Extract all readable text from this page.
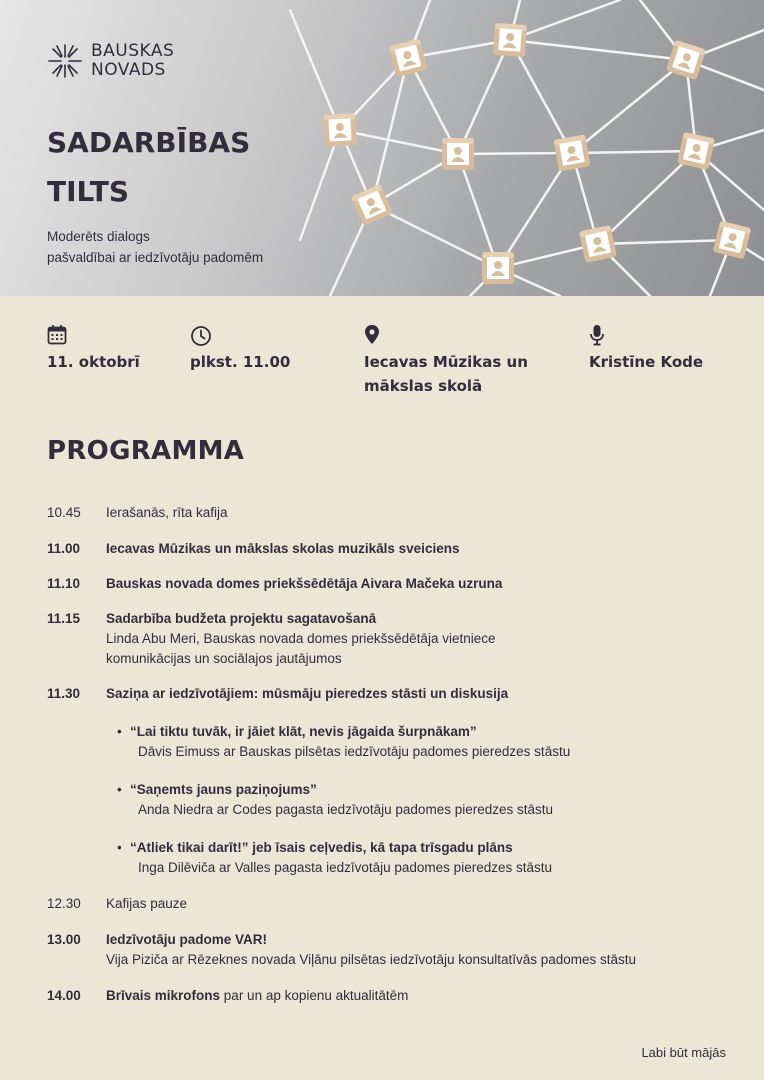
BAUSKAS
NOVADS
SADARBĪBAS
TILTS
Moderēts dialogs
pašvaldībai ar iedzīvotāju padomēm
11. oktobrī	plkst. 11.00	Iecavas Mūzikas un
mākslas skolā
Kristīne Kode
PROGRAMMA
10.45 Ierašanās, rīta kafija
11.00 Iecavas Mūzikas un mākslas skolas muzikāls sveiciens
11.10 Bauskas novada domes priekšsēdētāja Aivara Mačeka uzruna
11.15 Sadarbība budžeta projektu sagatavošanā
Linda Abu Meri, Bauskas novada domes priekšsēdētāja vietniece
komunikācijas un sociālajos jautājumos
11.30 Saziņa ar iedzīvotājiem: mūsmāju pieredzes stāsti un diskusija
• “Lai tiktu tuvāk, ir jāiet klāt, nevis jāgaida šurpnākam”
Dāvis Eimuss ar Bauskas pilsētas iedzīvotāju padomes pieredzes stāstu
• “Saņemts jauns paziņojums”
Anda Niedra ar Codes pagasta iedzīvotāju padomes pieredzes stāstu
• “Atliek tikai darīt!” jeb īsais ceļvedis, kā tapa trīsgadu plāns
Inga Dilēviča ar Valles pagasta iedzīvotāju padomes pieredzes stāstu
12.30 Kafijas pauze
13.00 Iedzīvotāju padome VAR!
Vija Piziča ar Rēzeknes novada Viļānu pilsētas iedzīvotāju konsultatīvās padomes stāstu
14.00 Brīvais mikrofons par un ap kopienu aktualitātēm
Labi būt mājās
